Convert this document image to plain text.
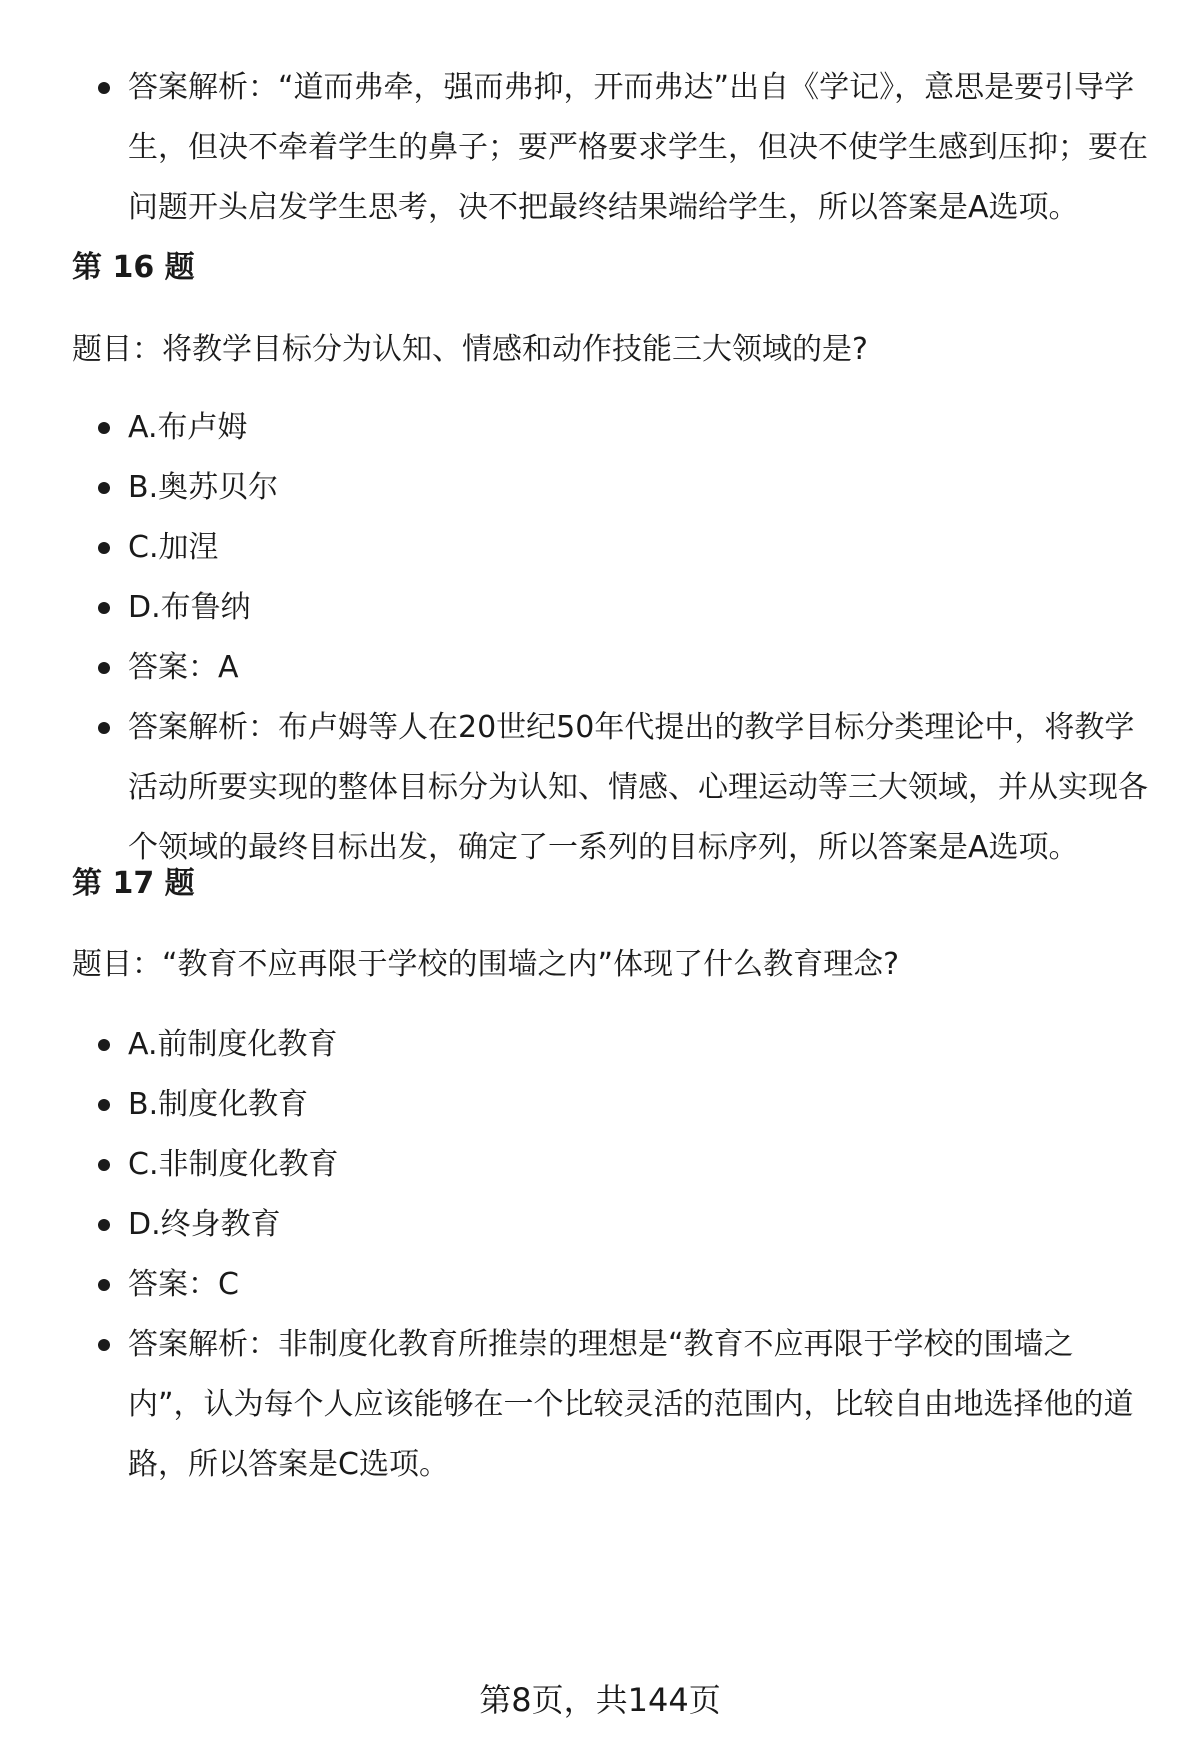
答案解析：“道而弗牵，强而弗抑，开而弗达”出自《学记》，意思是要引导学生，但决不牵着学生的鼻子；要严格要求学生，但决不使学生感到压抑；要在问题开头启发学生思考，决不把最终结果端给学生，所以答案是A选项。
第 16 题
题目：将教学目标分为认知、情感和动作技能三大领域的是?
A.布卢姆
B.奥苏贝尔
C.加涅
D.布鲁纳
答案：A
答案解析：布卢姆等人在20世纪50年代提出的教学目标分类理论中，将教学活动所要实现的整体目标分为认知、情感、心理运动等三大领域，并从实现各个领域的最终目标出发，确定了一系列的目标序列，所以答案是A选项。
第 17 题
题目：“教育不应再限于学校的围墙之内”体现了什么教育理念?
A.前制度化教育
B.制度化教育
C.非制度化教育
D.终身教育
答案：C
答案解析：非制度化教育所推崇的理想是“教育不应再限于学校的围墙之内”，认为每个人应该能够在一个比较灵活的范围内，比较自由地选择他的道路，所以答案是C选项。
第8页，共144页
